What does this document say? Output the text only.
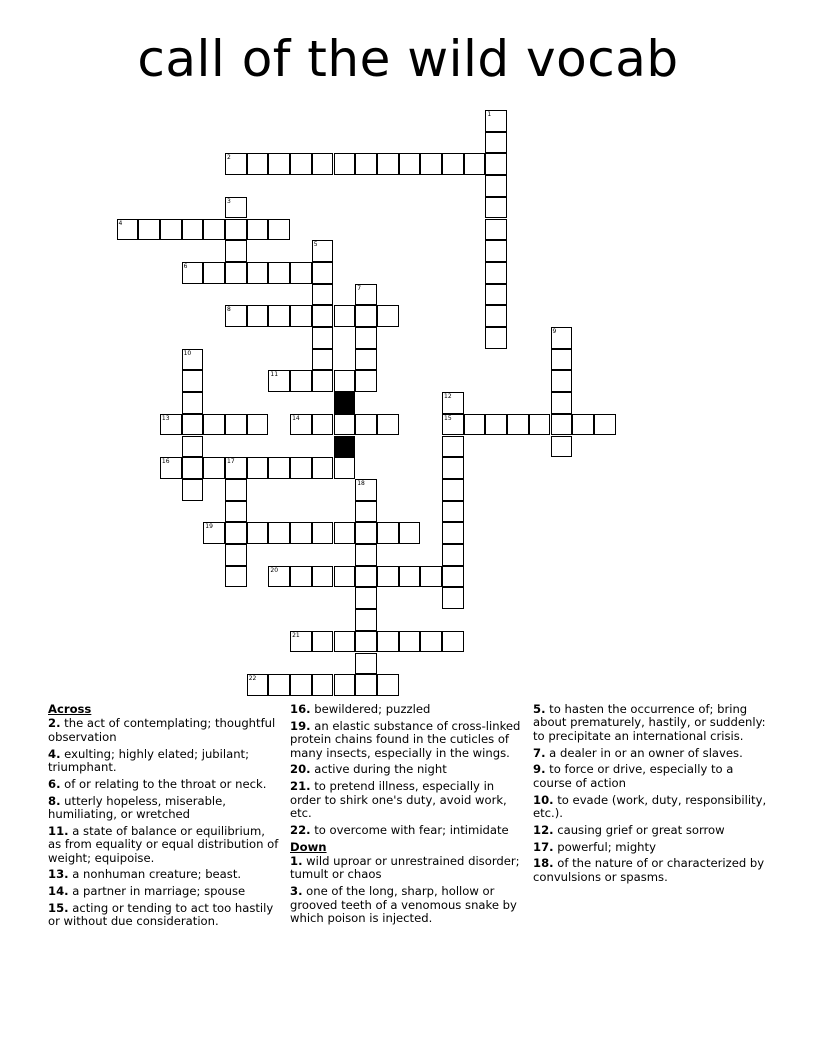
call of the wild vocab
1
2
3
4
5
6
7
8
9
10
11
12
15
13	14
16	17
18
19
20
21
22
Across
2. the act of contemplating; thoughtful observation
4. exulting; highly elated; jubilant; triumphant.
6. of or relating to the throat or neck.
8. utterly hopeless, miserable, humiliating, or wretched
11. a state of balance or equilibrium, as from equality or equal distribution of weight; equipoise.
13. a nonhuman creature; beast.
14. a partner in marriage; spouse
15. acting or tending to act too hastily or without due consideration.
16. bewildered; puzzled
19. an elastic substance of cross-linked protein chains found in the cuticles of many insects, especially in the wings.
20. active during the night
21. to pretend illness, especially in order to shirk one's duty, avoid work, etc.
22. to overcome with fear; intimidate
Down
1. wild uproar or unrestrained disorder; tumult or chaos
3. one of the long, sharp, hollow or grooved teeth of a venomous snake by which poison is injected.
5. to hasten the occurrence of; bring about prematurely, hastily, or suddenly: to precipitate an international crisis.
7. a dealer in or an owner of slaves.
9. to force or drive, especially to a course of action
10. to evade (work, duty, responsibility, etc.).
12. causing grief or great sorrow
17. powerful; mighty
18. of the nature of or characterized by convulsions or spasms.
